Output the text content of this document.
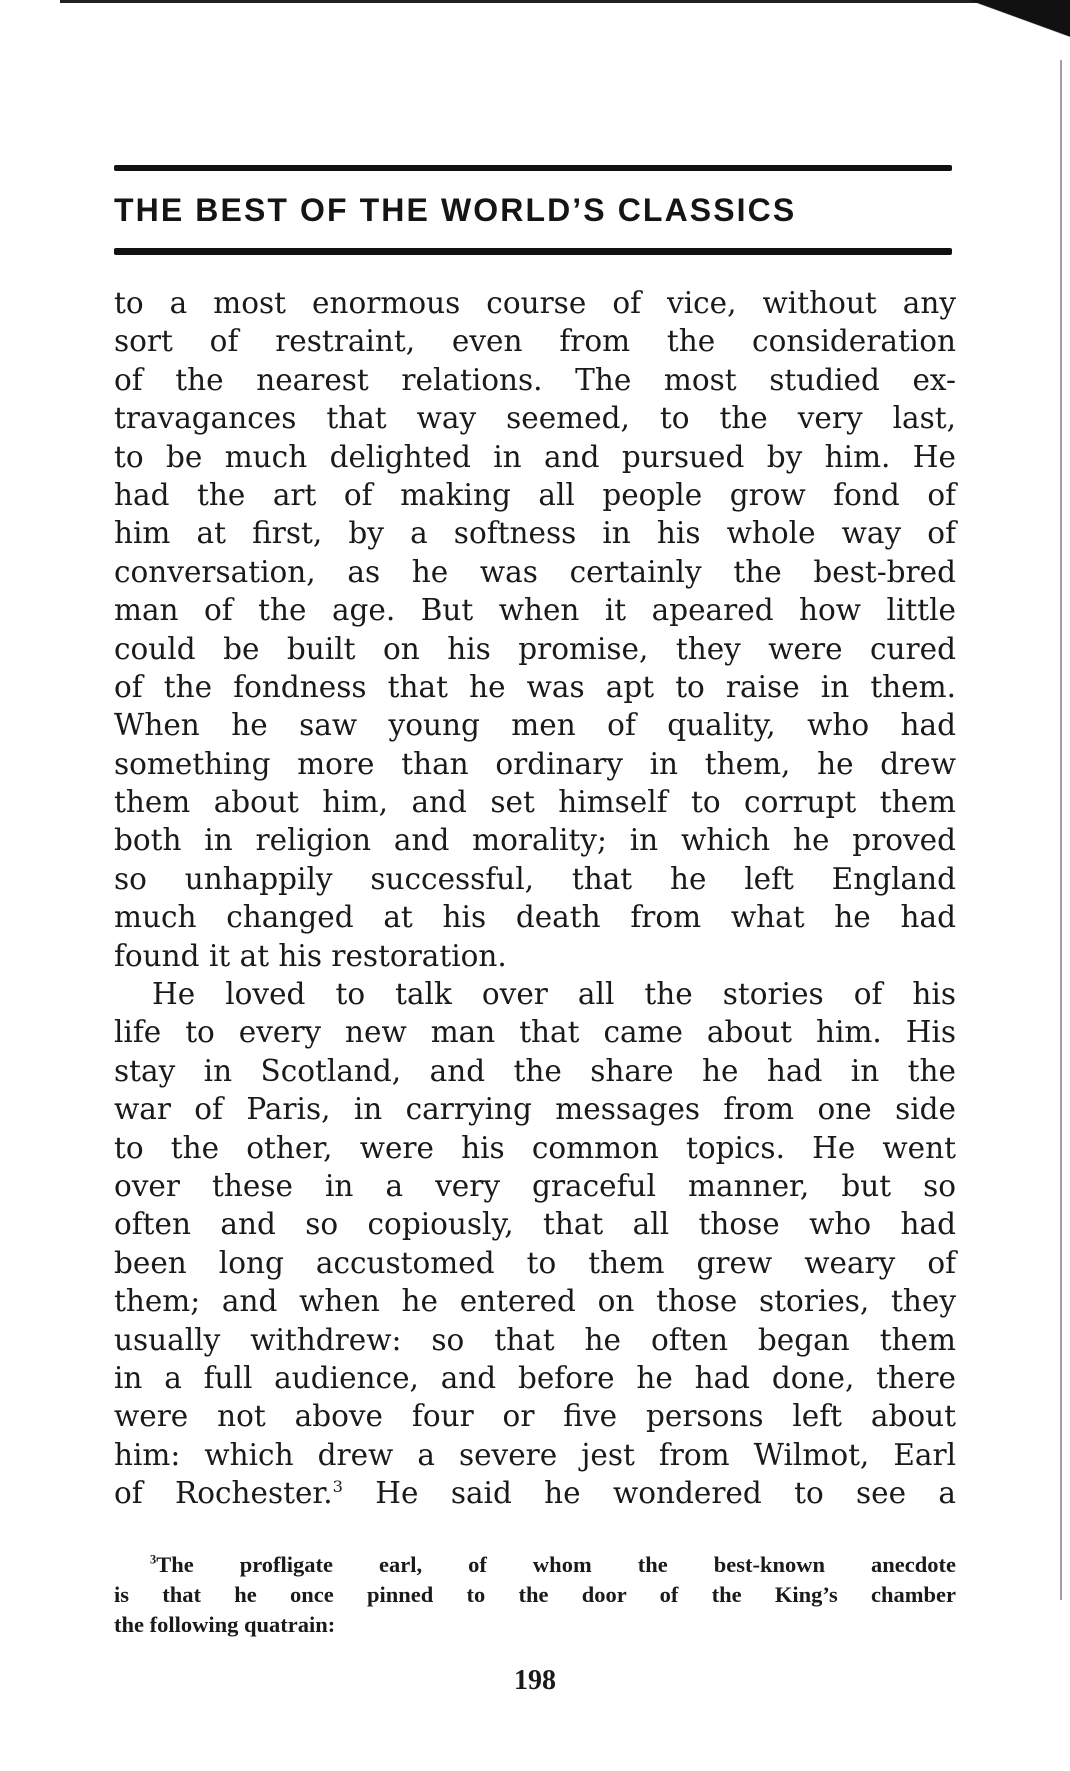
THE BEST OF THE WORLD’S CLASSICS
to a most enormous course of vice, without any
sort of restraint, even from the consideration
of the nearest relations. The most studied ex-
travagances that way seemed, to the very last,
to be much delighted in and pursued by him. He
had the art of making all people grow fond of
him at first, by a softness in his whole way of
conversation, as he was certainly the best-bred
man of the age. But when it apeared how little
could be built on his promise, they were cured
of the fondness that he was apt to raise in them.
When he saw young men of quality, who had
something more than ordinary in them, he drew
them about him, and set himself to corrupt them
both in religion and morality; in which he proved
so unhappily successful, that he left England
much changed at his death from what he had
found it at his restoration.
He loved to talk over all the stories of his
life to every new man that came about him. His
stay in Scotland, and the share he had in the
war of Paris, in carrying messages from one side
to the other, were his common topics. He went
over these in a very graceful manner, but so
often and so copiously, that all those who had
been long accustomed to them grew weary of
them; and when he entered on those stories, they
usually withdrew: so that he often began them
in a full audience, and before he had done, there
were not above four or five persons left about
him: which drew a severe jest from Wilmot, Earl
of Rochester.$^3$ He said he wondered to see a
$^3$The profligate earl, of whom the best-known anecdote
is that he once pinned to the door of the King’s chamber
the following quatrain:
198
